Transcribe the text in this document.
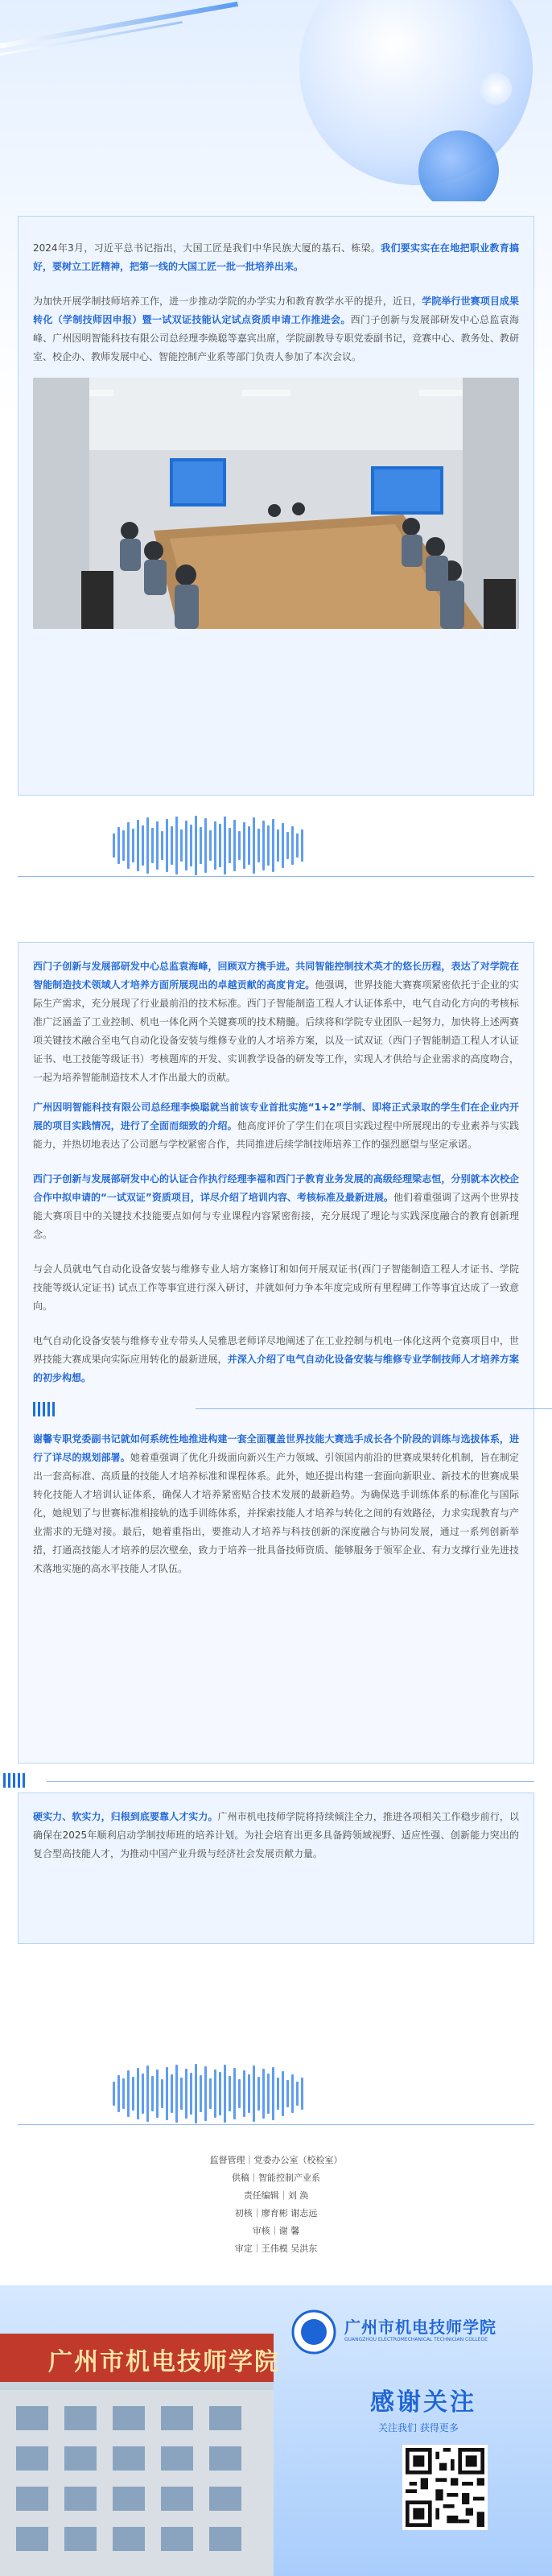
2024年3月，习近平总书记指出，大国工匠是我们中华民族大厦的基石、栋梁。我们要实实在在地把职业教育搞好，要树立工匠精神，把第一线的大国工匠一批一批培养出来。

为加快开展学制技师培养工作，进一步推动学院的办学实力和教育教学水平的提升，近日，学院举行世赛项目成果转化（学制技师因申报）暨一试双证技能认定试点资质申请工作推进会。西门子创新与发展部研发中心总监袁海峰、广州因明智能科技有限公司总经理李焕聪等嘉宾出席，学院副教导专职党委副书记，竞赛中心、教务处、教研室、校企办、教师发展中心、智能控制产业系等部门负责人参加了本次会议。

西门子创新与发展部研发中心总监袁海峰，回顾双方携手进。共同智能控制技术英才的悠长历程，表达了对学院在智能制造技术领域人才培养方面所展现出的卓越贡献的高度肯定。他强调，世界技能大赛赛项紧密依托于企业的实际生产需求，充分展现了行业最前沿的技术标准。西门子智能制造工程人才认证体系中，电气自动化方向的考核标准广泛涵盖了工业控制、机电一体化两个关键赛项的技术精髓。后续将和学院专业团队一起努力，加快将上述两赛项关键技术融合至电气自动化设备安装与维修专业的人才培养方案，以及一试双证（西门子智能制造工程人才认证证书、电工技能等级证书）考核题库的开发、实训教学设备的研发等工作，实现人才供给与企业需求的高度吻合，一起为培养智能制造技术人才作出最大的贡献。

广州因明智能科技有限公司总经理李焕聪就当前该专业首批实施“1+2”学制、即将正式录取的学生们在企业内开展的项目实践情况，进行了全面而细致的介绍。他高度评价了学生们在项目实践过程中所展现出的专业素养与实践能力，并热切地表达了公司愿与学校紧密合作，共同推进后续学制技师培养工作的强烈愿望与坚定承诺。

西门子创新与发展部研发中心的认证合作执行经理李福和西门子教育业务发展的高级经理梁志恒，分别就本次校企合作中拟申请的“一试双证”资质项目，详尽介绍了培训内容、考核标准及最新进展。他们着重强调了这两个世界技能大赛项目中的关键技术技能要点如何与专业课程内容紧密衔接，充分展现了理论与实践深度融合的教育创新理念。

与会人员就电气自动化设备安装与维修专业人培方案修订和如何开展双证书(西门子智能制造工程人才证书、学院技能等级认定证书) 试点工作等事宜进行深入研讨，并就如何力争本年度完成所有里程碑工作等事宜达成了一致意向。

电气自动化设备安装与维修专业专带头人吴雅思老师详尽地阐述了在工业控制与机电一体化这两个竞赛项目中，世界技能大赛成果向实际应用转化的最新进展，并深入介绍了电气自动化设备安装与维修专业学制技师人才培养方案的初步构想。

谢馨专职党委副书记就如何系统性地推进构建一套全面覆盖世界技能大赛选手成长各个阶段的训练与选拔体系，进行了详尽的规划部署。她着重强调了优化升级面向新兴生产力领域、引领国内前沿的世赛成果转化机制，旨在制定出一套高标准、高质量的技能人才培养标准和课程体系。此外，她还提出构建一套面向新职业、新技术的世赛成果转化技能人才培训认证体系，确保人才培养紧密贴合技术发展的最新趋势。为确保选手训练体系的标准化与国际化，她规划了与世赛标准相接轨的选手训练体系，并探索技能人才培养与转化之间的有效路径，力求实现教育与产业需求的无缝对接。最后，她着重指出，要推动人才培养与科技创新的深度融合与协同发展，通过一系列创新举措，打通高技能人才培养的层次壁垒，致力于培养一批具备技师资质、能够服务于领军企业、有力支撑行业先进技术落地实施的高水平技能人才队伍。

硬实力、软实力，归根到底要靠人才实力。广州市机电技师学院将持续倾注全力，推进各项相关工作稳步前行，以确保在2025年顺利启动学制技师班的培养计划。为社会培育出更多具备跨领域视野、适应性强、创新能力突出的复合型高技能人才，为推动中国产业升级与经济社会发展贡献力量。

监督管理｜党委办公室（校检室）
供稿｜智能控制产业系
责任编辑｜刘 涣
初核｜廖育彬 谢志远
审核｜谢 馨
审定｜王伟模 吴洪东
广州市机电技师学院
广州市机电技师学院
GUANGZHOU ELECTROMECHANICAL TECHNICIAN COLLEGE
感谢关注
关注我们 获得更多
